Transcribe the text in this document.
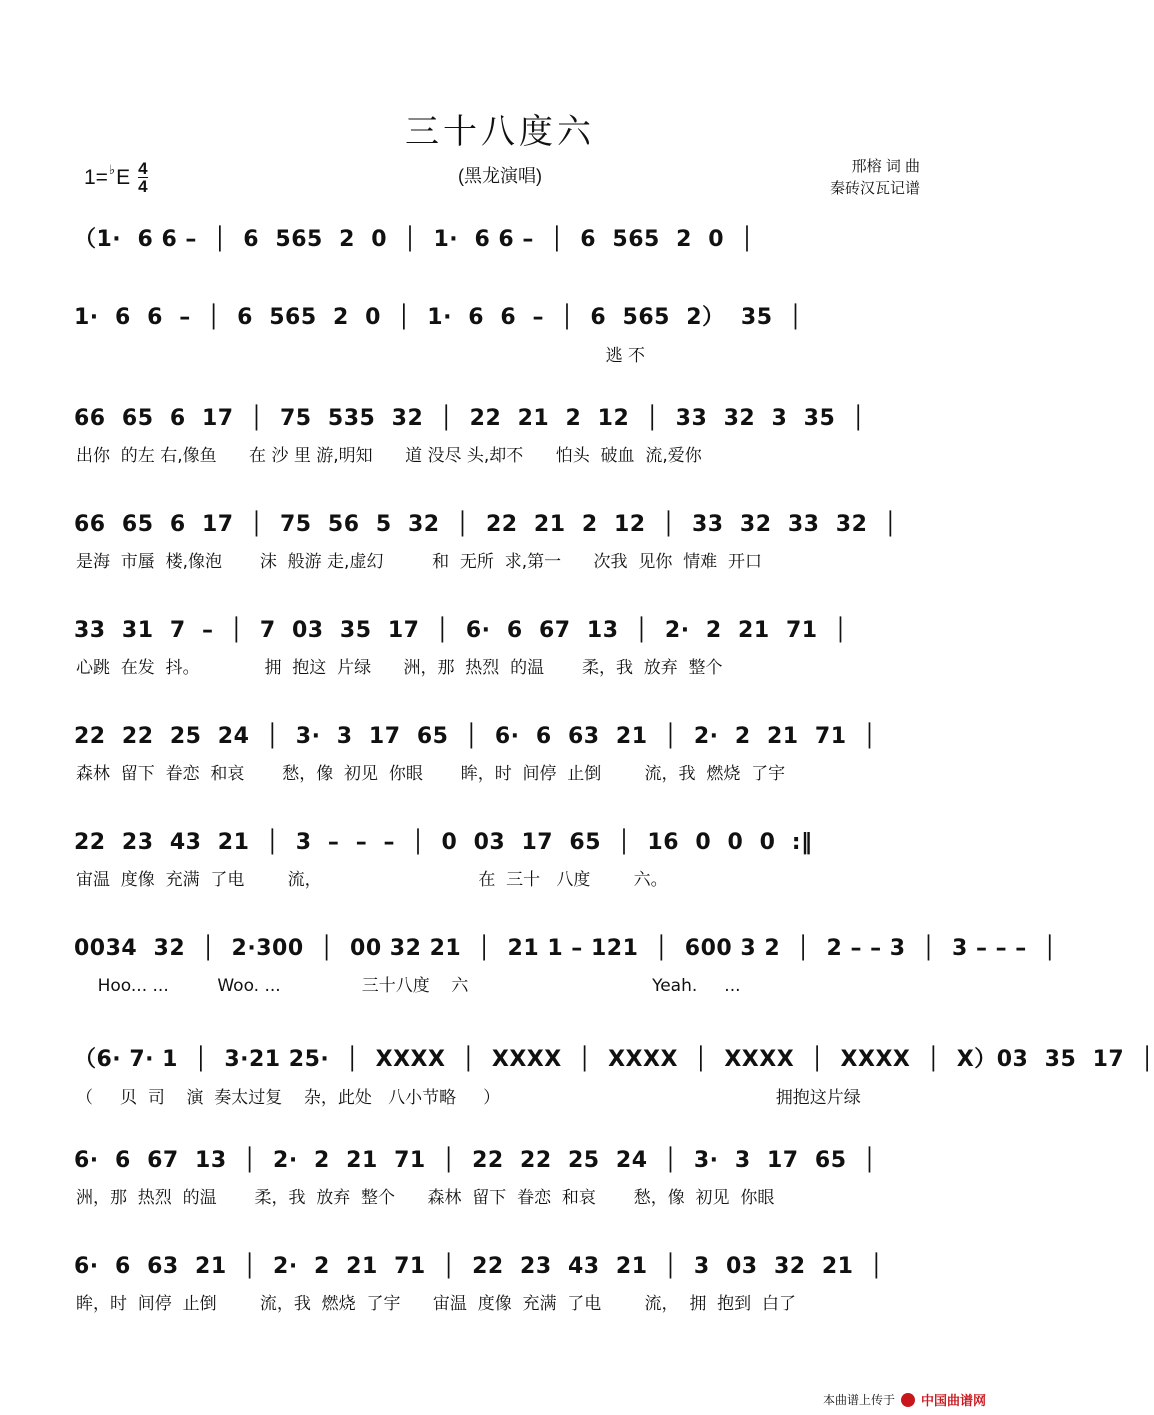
三十八度六
(黑龙演唱)
1= ♭ E 4
4
邢榕 词 曲
秦砖汉瓦记谱
（1·  6 6 –  │  6  565  2  0  │  1·  6 6 –  │  6  565  2  0  │
1·  6  6  –  │  6  565  2  0  │  1·  6  6  –  │  6  565  2）  35  │
逃 不
66  65  6  17  │  75  535  32  │  22  21  2  12  │  33  32  3  35  │
出你  的左 右,像鱼      在 沙 里 游,明知      道 没尽 头,却不      怕头  破血  流,爱你
66  65  6  17  │  75  56  5  32  │  22  21  2  12  │  33  32  33  32  │
是海  市蜃  楼,像泡       沫  般游 走,虚幻         和  无所  求,第一      次我  见你  情难  开口
33  31  7  –  │  7  03  35  17  │  6·  6  67  13  │  2·  2  21  71  │
心跳  在发  抖。            拥  抱这  片绿      洲，那  热烈  的温       柔，我  放弃  整个
22  22  25  24  │  3·  3  17  65  │  6·  6  63  21  │  2·  2  21  71  │
森林  留下  眷恋  和哀       愁，像  初见  你眼       眸，时  间停  止倒        流，我  燃烧  了宇
22  23  43  21  │  3  –  –  –  │  0  03  17  65  │  16  0  0  0  :‖
宙温  度像  充满  了电        流，                             在  三十   八度        六。
0034  32  │  2·300  │  00 32 21  │  21 1 – 121  │  600 3 2  │  2 – – 3  │  3 – – –  │
Hoo... ...         Woo. ...               三十八度    六                                  Yeah.     ...
（6· 7· 1  │  3·21 25·  │  XXXX  │  XXXX  │  XXXX  │  XXXX  │  XXXX  │  X）03  35  17  │
（     贝  司    演  奏太过复    杂，此处   八小节略     ）                                                   拥抱这片绿
6·  6  67  13  │  2·  2  21  71  │  22  22  25  24  │  3·  3  17  65  │
洲，那  热烈  的温       柔，我  放弃  整个      森林  留下  眷恋  和哀       愁，像  初见  你眼
6·  6  63  21  │  2·  2  21  71  │  22  23  43  21  │  3  03  32  21  │
眸，时  间停  止倒        流，我  燃烧  了宇      宙温  度像  充满  了电        流，  拥  抱到  白了
本曲谱上传于 中国曲谱网
